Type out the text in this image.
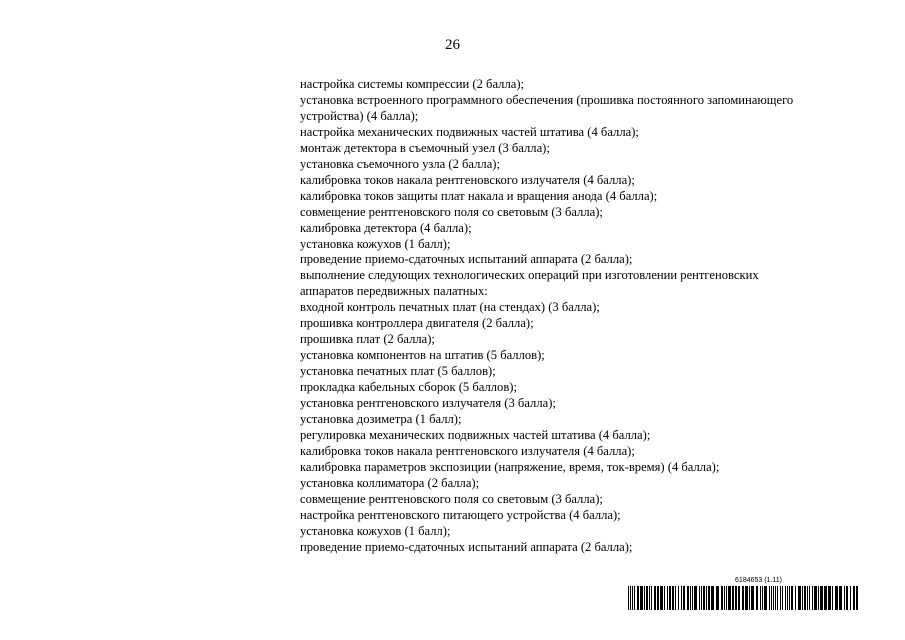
26
настройка системы компрессии (2 балла);
установка встроенного программного обеспечения (прошивка постоянного запоминающего
устройства) (4 балла);
настройка механических подвижных частей штатива (4 балла);
монтаж детектора в съемочный узел (3 балла);
установка съемочного узла (2 балла);
калибровка токов накала рентгеновского излучателя (4 балла);
калибровка токов защиты плат накала и вращения анода (4 балла);
совмещение рентгеновского поля со световым (3 балла);
калибровка детектора (4 балла);
установка кожухов (1 балл);
проведение приемо-сдаточных испытаний аппарата (2 балла);
выполнение следующих технологических операций при изготовлении рентгеновских
аппаратов передвижных палатных:
входной контроль печатных плат (на стендах) (3 балла);
прошивка контроллера двигателя (2 балла);
прошивка плат (2 балла);
установка компонентов на штатив (5 баллов);
установка печатных плат (5 баллов);
прокладка кабельных сборок (5 баллов);
установка рентгеновского излучателя (3 балла);
установка дозиметра (1 балл);
регулировка механических подвижных частей штатива (4 балла);
калибровка токов накала рентгеновского излучателя (4 балла);
калибровка параметров экспозиции (напряжение, время, ток-время) (4 балла);
установка коллиматора (2 балла);
совмещение рентгеновского поля со световым (3 балла);
настройка рентгеновского питающего устройства (4 балла);
установка кожухов (1 балл);
проведение приемо-сдаточных испытаний аппарата (2 балла);
6184653 (1.11)
